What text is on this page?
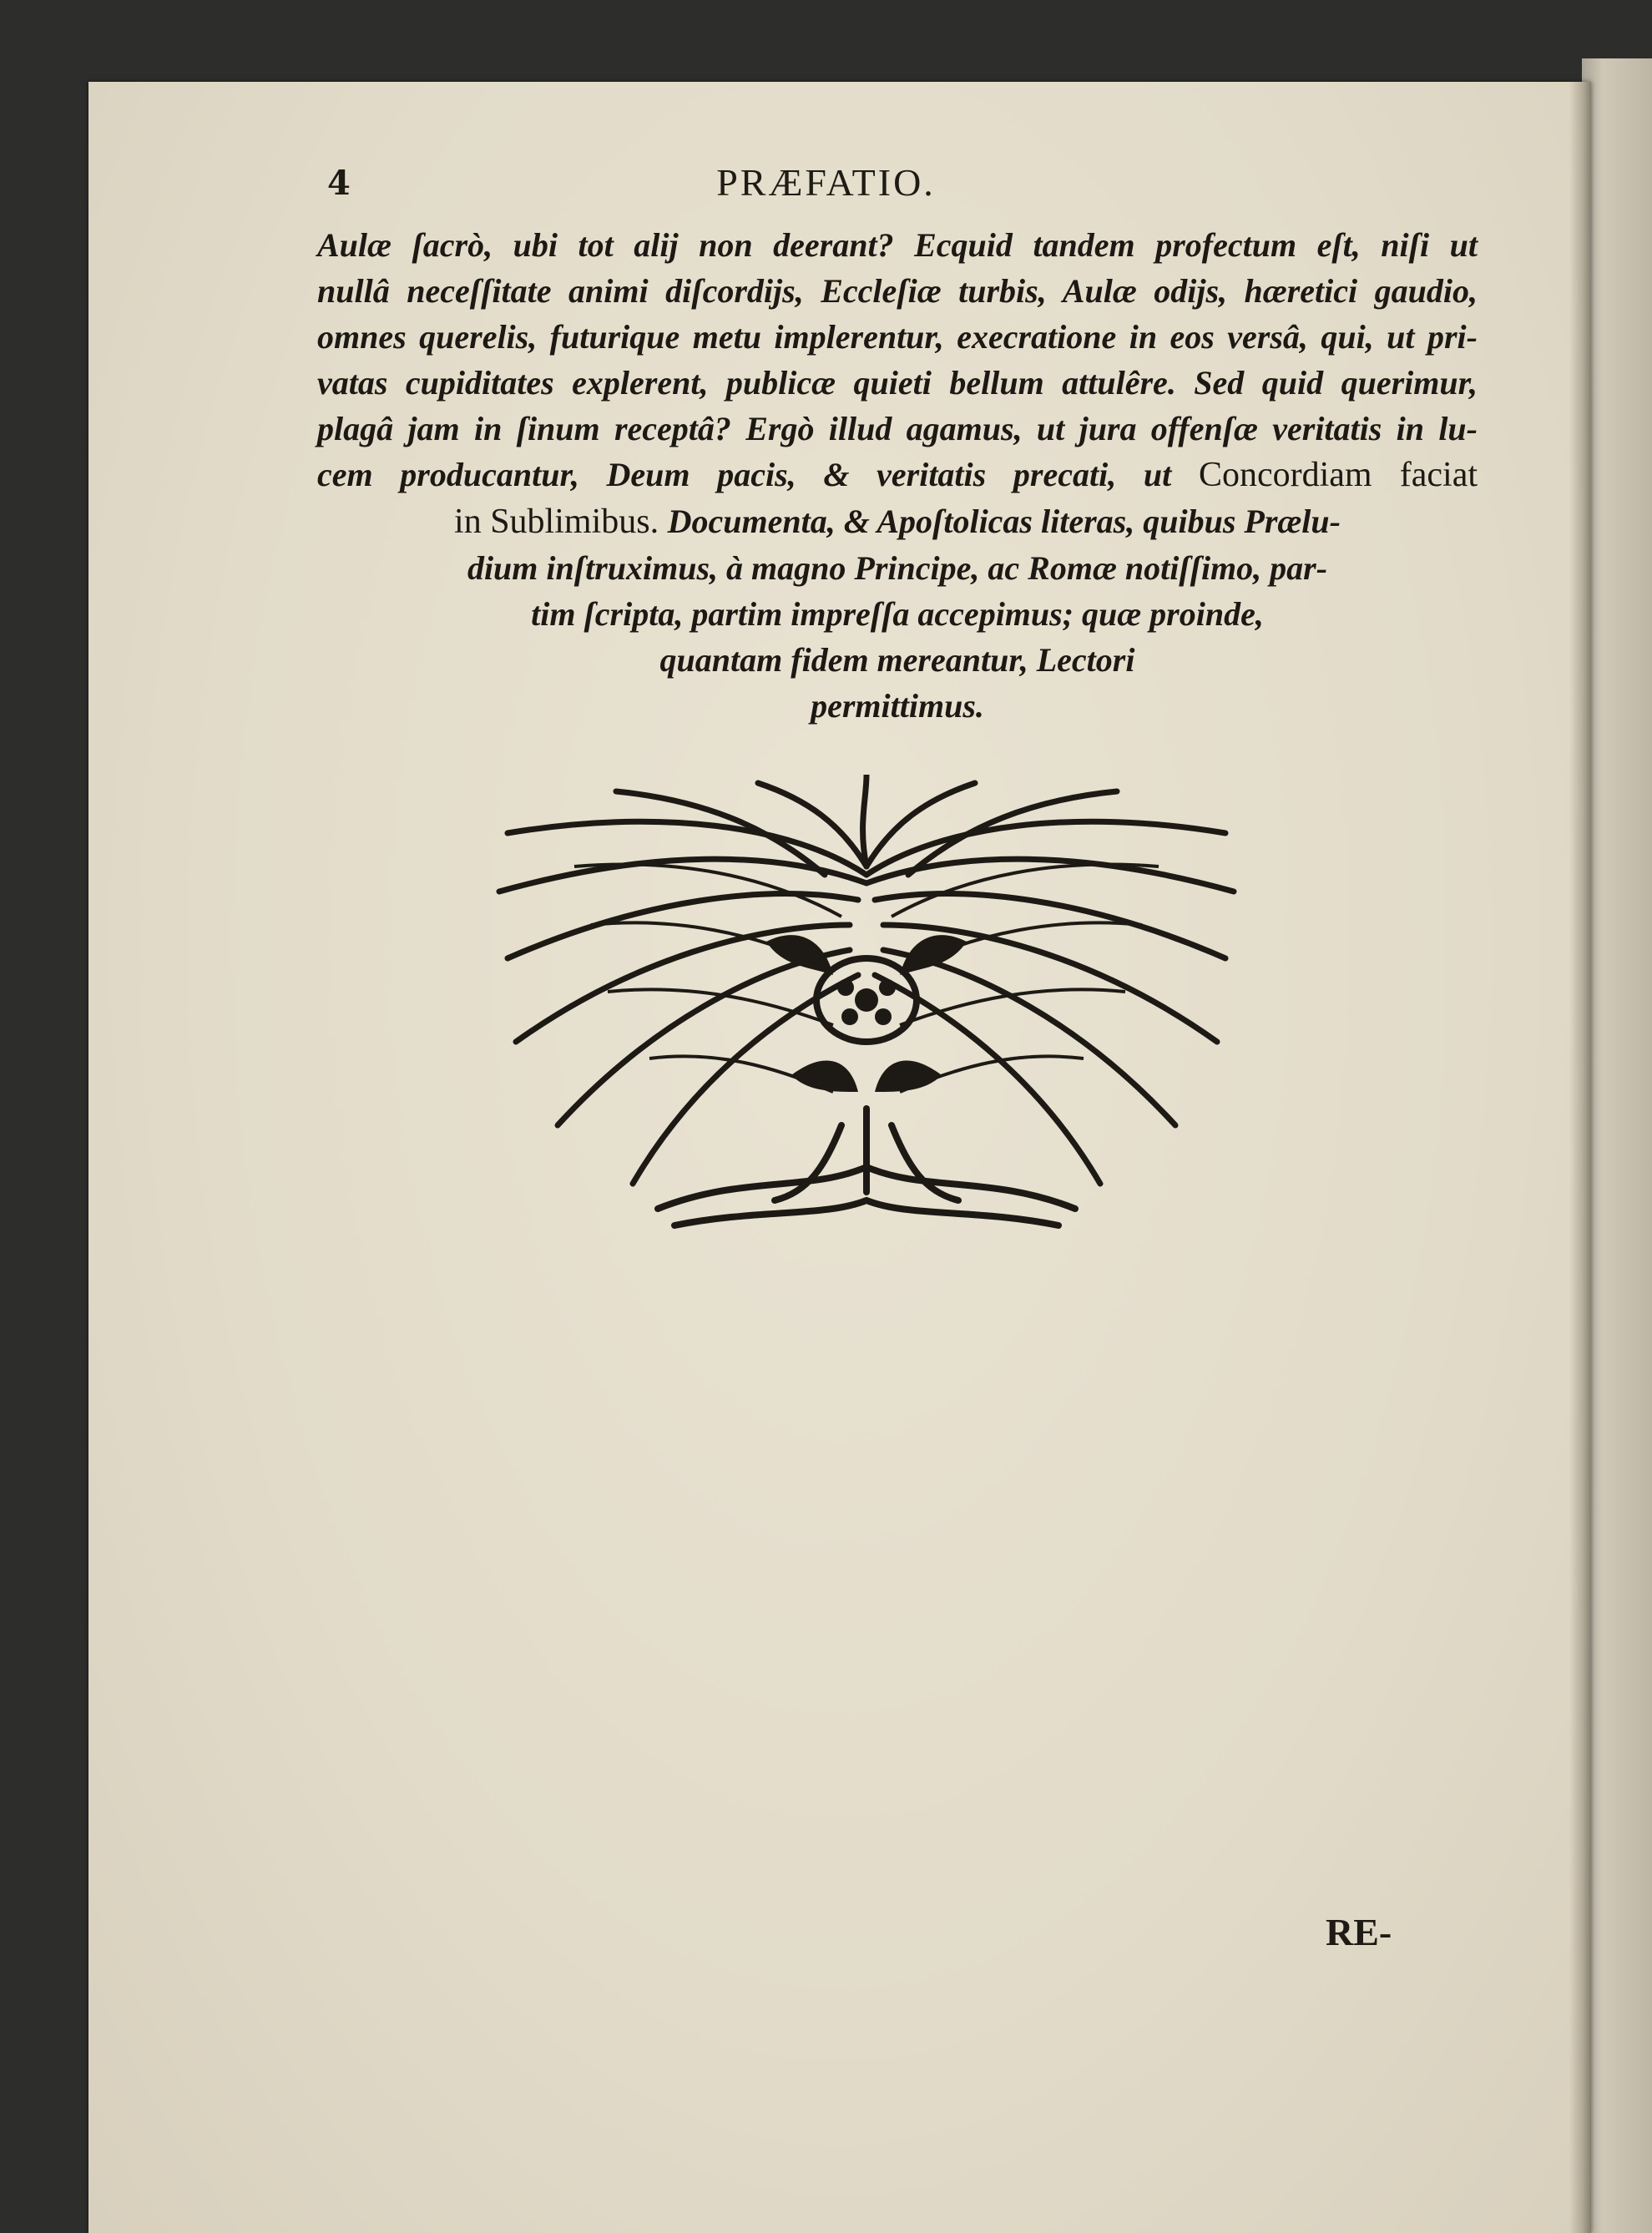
4	PRÆFATIO.
Aulæ ſacrò, ubi tot alij non deerant? Ecquid tandem profectum eſt, niſi ut
nullâ neceſſitate animi diſcordijs, Eccleſiæ turbis, Aulæ odijs, hæretici gaudio,
omnes querelis, futurique metu implerentur, execratione in eos versâ, qui, ut pri-
vatas cupiditates explerent, publicæ quieti bellum attulêre. Sed quid querimur,
plagâ jam in ſinum receptâ? Ergò illud agamus, ut jura offenſæ veritatis in lu-
cem producantur, Deum pacis, & veritatis precati, ut Concordiam faciat
in Sublimibus. Documenta, & Apoſtolicas literas, quibus Prælu-
dium inſtruximus, à magno Principe, ac Romæ notiſſimo, par-
tim ſcripta, partim impreſſa accepimus; quæ proinde,
quantam fidem mereantur, Lectori
permittimus.
RE-
